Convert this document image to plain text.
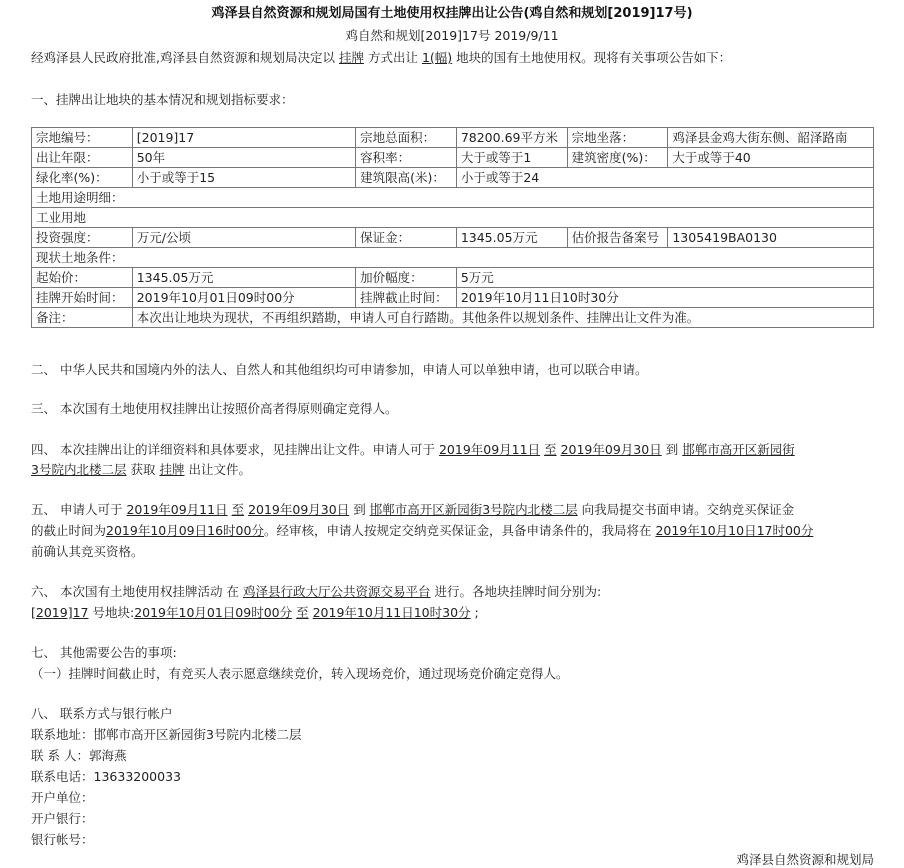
鸡泽县自然资源和规划局国有土地使用权挂牌出让公告(鸡自然和规划[2019]17号)
鸡自然和规划[2019]17号 2019/9/11
经鸡泽县人民政府批准,鸡泽县自然资源和规划局决定以 挂牌 方式出让 1(幅) 地块的国有土地使用权。现将有关事项公告如下：
一、挂牌出让地块的基本情况和规划指标要求：
宗地编号：	[2019]17	宗地总面积：	78200.69平方米	宗地坐落：	鸡泽县金鸡大街东侧、韶泽路南
出让年限：	50年	容积率：	大于或等于1	建筑密度(%)：	大于或等于40
绿化率(%)：	小于或等于15	建筑限高(米)：	小于或等于24		
土地用途明细：					
工业用地					
投资强度：	万元/公顷	保证金：	1345.05万元	估价报告备案号	1305419BA0130
现状土地条件：					
起始价：	1345.05万元	加价幅度：	5万元		
挂牌开始时间：	2019年10月01日09时00分	挂牌截止时间：	2019年10月11日10时30分		
备注：	本次出让地块为现状，不再组织踏勘，申请人可自行踏勘。其他条件以规划条件、挂牌出让文件为准。				
二、 中华人民共和国境内外的法人、自然人和其他组织均可申请参加，申请人可以单独申请，也可以联合申请。
三、 本次国有土地使用权挂牌出让按照价高者得原则确定竞得人。
四、 本次挂牌出让的详细资料和具体要求，见挂牌出让文件。申请人可于 2019年09月11日 至 2019年09月30日 到 邯郸市高开区新园街
3号院内北楼二层 获取 挂牌 出让文件。
五、 申请人可于 2019年09月11日 至 2019年09月30日 到 邯郸市高开区新园街3号院内北楼二层 向我局提交书面申请。交纳竞买保证金
的截止时间为2019年10月09日16时00分。经审核，申请人按规定交纳竞买保证金，具备申请条件的，我局将在 2019年10月10日17时00分
前确认其竞买资格。
六、 本次国有土地使用权挂牌活动 在 鸡泽县行政大厅公共资源交易平台 进行。各地块挂牌时间分别为:
[2019]17 号地块:2019年10月01日09时00分 至 2019年10月11日10时30分 ;
七、 其他需要公告的事项:
（一）挂牌时间截止时，有竞买人表示愿意继续竞价，转入现场竞价，通过现场竞价确定竞得人。
八、 联系方式与银行帐户
联系地址：邯郸市高开区新园街3号院内北楼二层
联 系 人：郭海燕
联系电话：13633200033
开户单位：
开户银行：
银行帐号：
鸡泽县自然资源和规划局
